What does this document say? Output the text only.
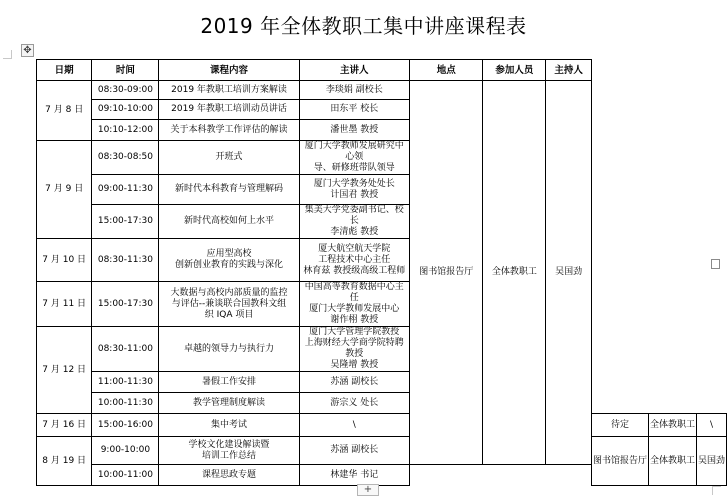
2019 年全体教职工集中讲座课程表
✥
日期	时间	课程内容	主讲人	地点	参加人员	主持人			
7 月 8 日	08:30-09:00	2019 年教职工培训方案解读	李琰娟 副校长	图书馆报告厅	全体教职工	吴国劲			
	09:10-10:00	2019 年教职工培训动员讲话	田东平 校长						
	10:10-12:00	关于本科教学工作评估的解读	潘世墨 教授						
7 月 9 日	08:30-08:50	开班式	厦门大学教师发展研究中心领
导、研修班带队领导						

	09:00-11:30	新时代本科教育与管理解码	厦门大学教务处处长
计国君 教授						

	15:00-17:30	新时代高校如何上水平	集美大学党委副书记、校长
李清彪 教授						

7 月 10 日	08:30-11:30	应用型高校
创新创业教育的实践与深化	厦大航空航天学院
工程技术中心主任
林育兹 教授级高级工程师						

7 月 11 日	15:00-17:30	大数据与高校内部质量的监控
与评估--兼谈联合国教科文组
织 IQA 项目	中国高等教育数据中心主任
厦门大学教师发展中心
谢作栩 教授						

7 月 12 日	08:30-11:00	卓越的领导力与执行力	厦门大学管理学院教授
上海财经大学商学院特聘教授
吴隆增 教授						

	11:00-11:30	暑假工作安排	苏涵 副校长						
	10:00-11:30	教学管理制度解读	游宗义 处长						
7 月 16 日	15:00-16:00	集中考试	\				待定	全体教职工	\
8 月 19 日	9:00-10:00	学校文化建设解读暨
培训工作总结	苏涵 副校长				图书馆报告厅	全体教职工	吴国劲
	10:00-11:00	课程思政专题	林建华 书记						
+
